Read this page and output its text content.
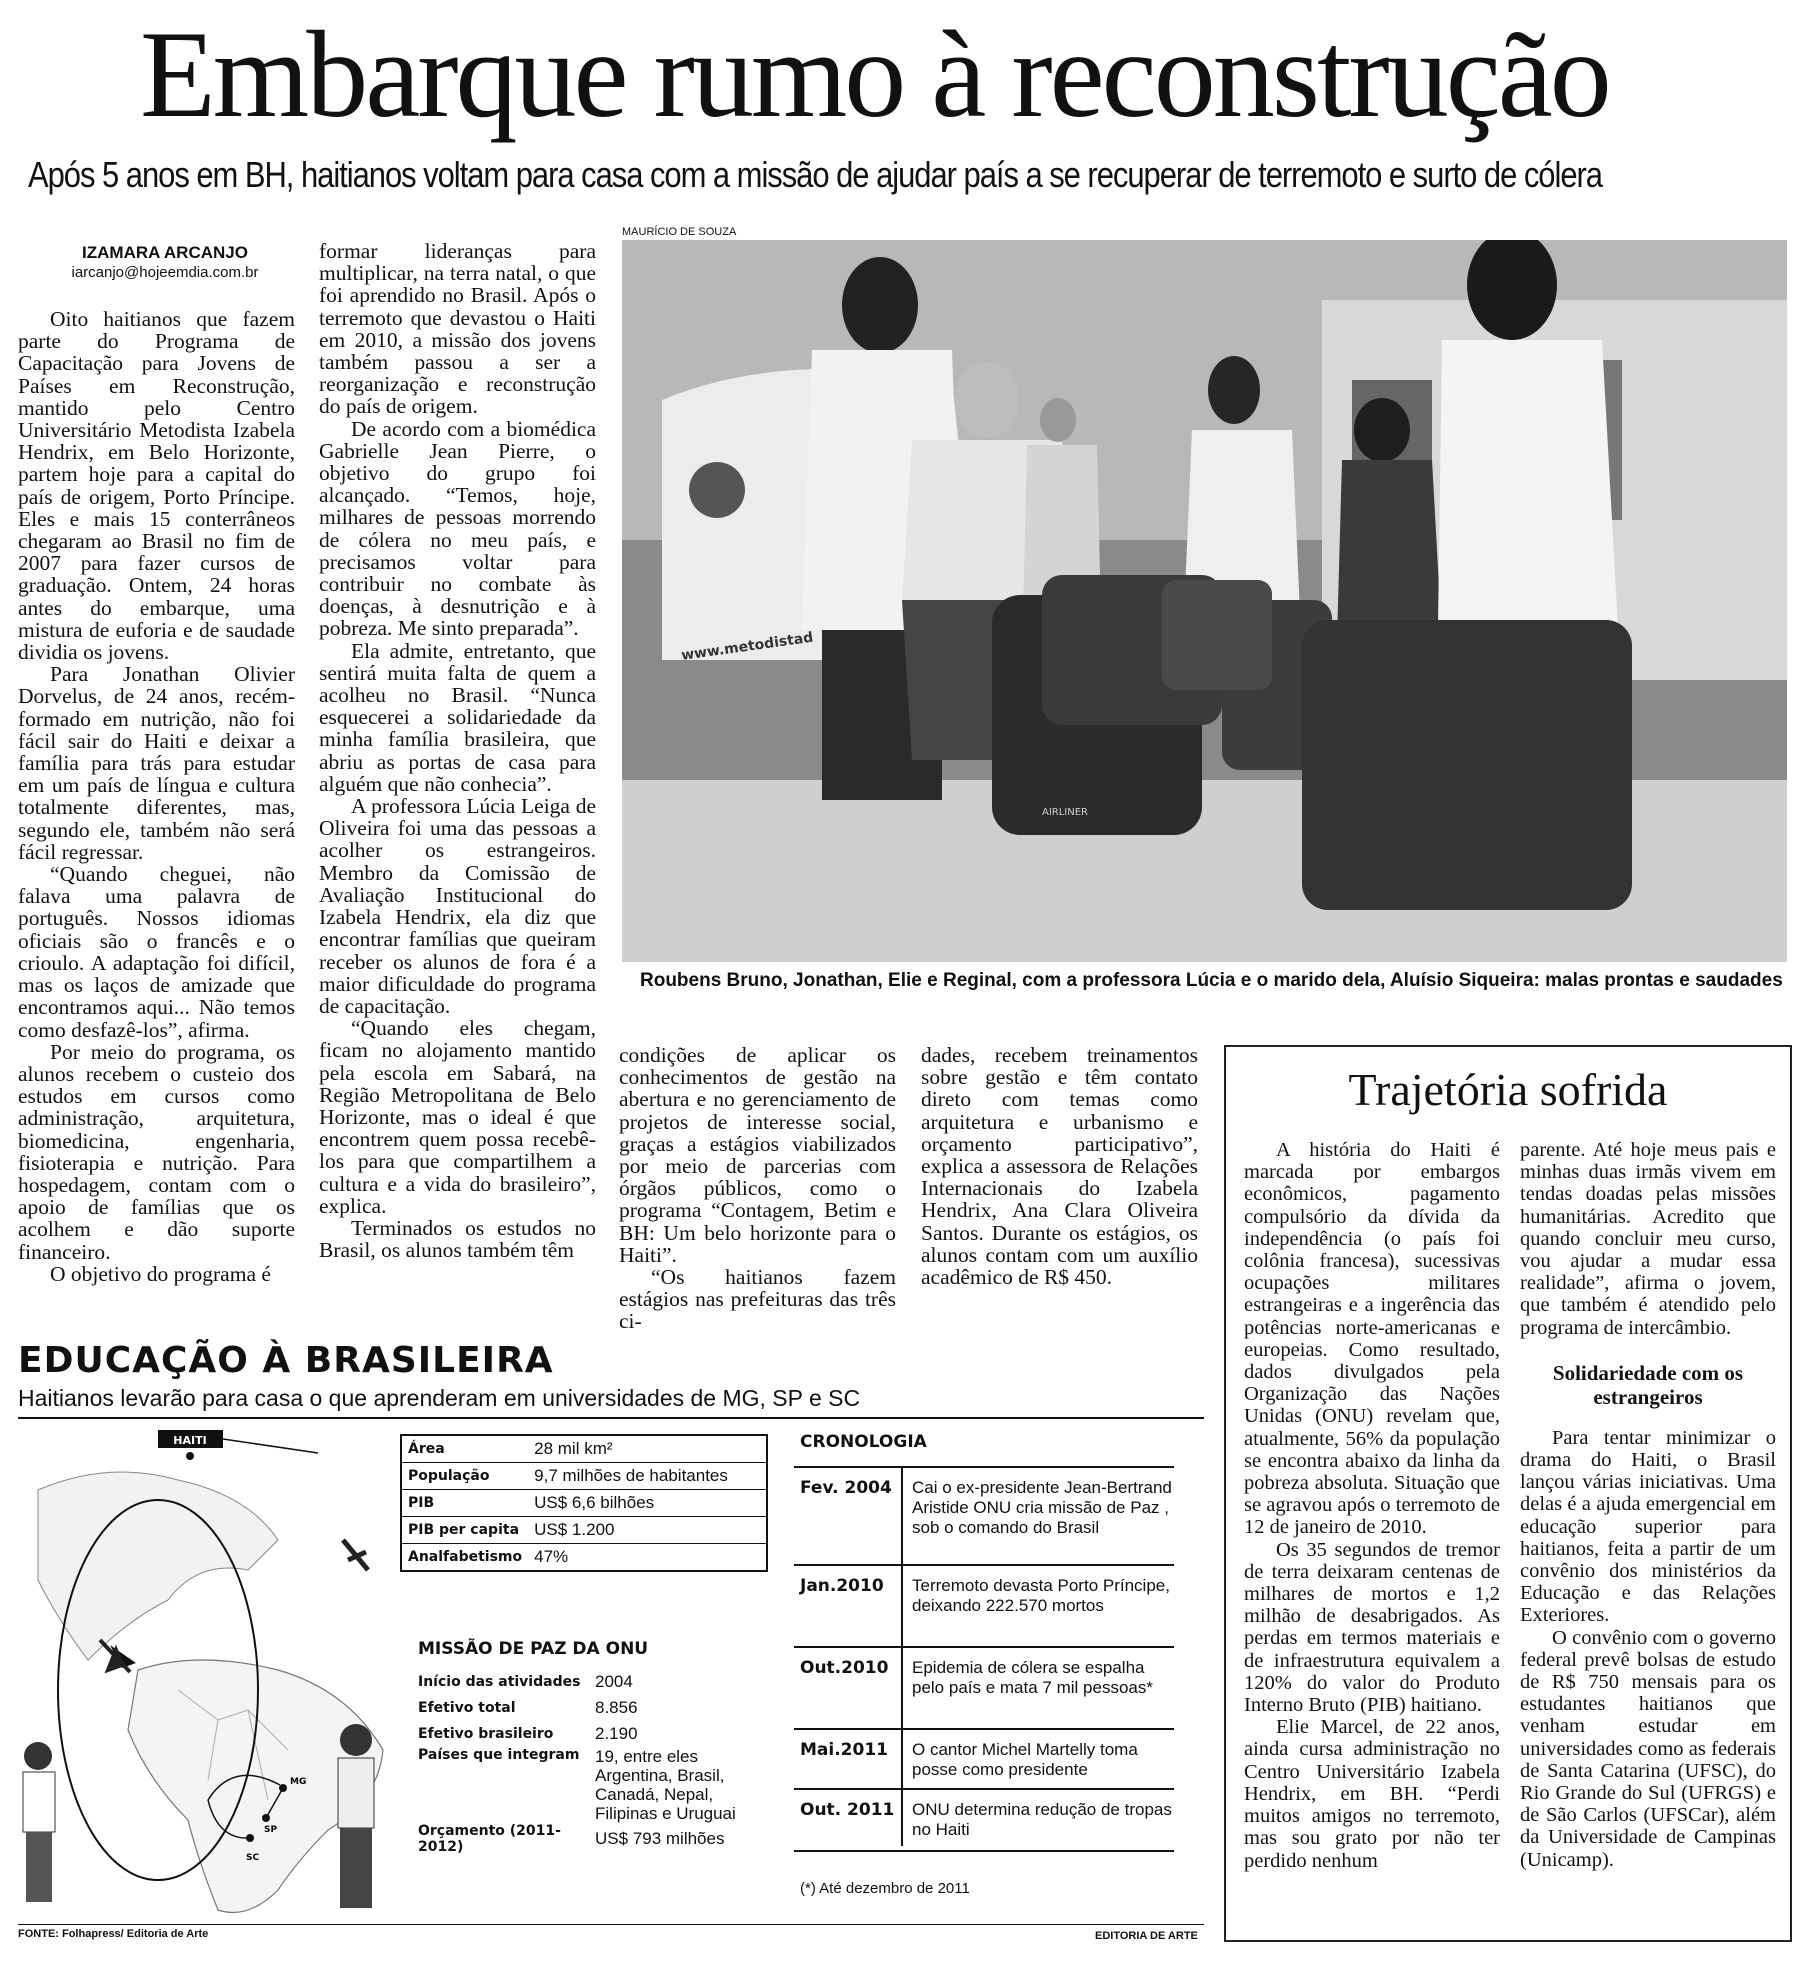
Embarque rumo à reconstrução
Após 5 anos em BH, haitianos voltam para casa com a missão de ajudar país a se recuperar de terremoto e surto de cólera
IZAMARA ARCANJO
iarcanjo@hojeemdia.com.br

Oito haitianos que fazem parte do Programa de Capacitação para Jovens de Países em Reconstrução, mantido pelo Centro Universitário Metodista Izabela Hendrix, em Belo Horizonte, partem hoje para a capital do país de origem, Porto Príncipe. Eles e mais 15 conterrâneos chegaram ao Brasil no fim de 2007 para fazer cursos de graduação. Ontem, 24 horas antes do embarque, uma mistura de euforia e de saudade dividia os jovens.

Para Jonathan Olivier Dorvelus, de 24 anos, recém-formado em nutrição, não foi fácil sair do Haiti e deixar a família para trás para estudar em um país de língua e cultura totalmente diferentes, mas, segundo ele, também não será fácil regressar.

“Quando cheguei, não falava uma palavra de português. Nossos idiomas oficiais são o francês e o crioulo. A adaptação foi difícil, mas os laços de amizade que encontramos aqui... Não temos como desfazê-los”, afirma.

Por meio do programa, os alunos recebem o custeio dos estudos em cursos como administração, arquitetura, biomedicina, engenharia, fisioterapia e nutrição. Para hospedagem, contam com o apoio de famílias que os acolhem e dão suporte financeiro.

O objetivo do programa é

formar lideranças para multiplicar, na terra natal, o que foi aprendido no Brasil. Após o terremoto que devastou o Haiti em 2010, a missão dos jovens também passou a ser a reorganização e reconstrução do país de origem.

De acordo com a biomédica Gabrielle Jean Pierre, o objetivo do grupo foi alcançado. “Temos, hoje, milhares de pessoas morrendo de cólera no meu país, e precisamos voltar para contribuir no combate às doenças, à desnutrição e à pobreza. Me sinto preparada”.

Ela admite, entretanto, que sentirá muita falta de quem a acolheu no Brasil. “Nunca esquecerei a solidariedade da minha família brasileira, que abriu as portas de casa para alguém que não conhecia”.

A professora Lúcia Leiga de Oliveira foi uma das pessoas a acolher os estrangeiros. Membro da Comissão de Avaliação Institucional do Izabela Hendrix, ela diz que encontrar famílias que queiram receber os alunos de fora é a maior dificuldade do programa de capacitação.

“Quando eles chegam, ficam no alojamento mantido pela escola em Sabará, na Região Metropolitana de Belo Horizonte, mas o ideal é que encontrem quem possa recebê-los para que compartilhem a cultura e a vida do brasileiro”, explica.

Terminados os estudos no Brasil, os alunos também têm

MAURÍCIO DE SOUZA
www.metodistad
AIRLINER
Roubens Bruno, Jonathan, Elie e Reginal, com a professora Lúcia e o marido dela, Aluísio Siqueira: malas prontas e saudades

condições de aplicar os conhecimentos de gestão na abertura e no gerenciamento de projetos de interesse social, graças a estágios viabilizados por meio de parcerias com órgãos públicos, como o programa “Contagem, Betim e BH: Um belo horizonte para o Haiti”.

“Os haitianos fazem estágios nas prefeituras das três ci-

dades, recebem treinamentos sobre gestão e têm contato direto com temas como arquitetura e urbanismo e orçamento participativo”, explica a assessora de Relações Internacionais do Izabela Hendrix, Ana Clara Oliveira Santos. Durante os estágios, os alunos contam com um auxílio acadêmico de R$ 450.

Trajetória sofrida

A história do Haiti é marcada por embargos econômicos, pagamento compulsório da dívida da independência (o país foi colônia francesa), sucessivas ocupações militares estrangeiras e a ingerência das potências norte-americanas e europeias. Como resultado, dados divulgados pela Organização das Nações Unidas (ONU) revelam que, atualmente, 56% da população se encontra abaixo da linha da pobreza absoluta. Situação que se agravou após o terremoto de 12 de janeiro de 2010.

Os 35 segundos de tremor de terra deixaram centenas de milhares de mortos e 1,2 milhão de desabrigados. As perdas em termos materiais e de infraestrutura equivalem a 120% do valor do Produto Interno Bruto (PIB) haitiano.

Elie Marcel, de 22 anos, ainda cursa administração no Centro Universitário Izabela Hendrix, em BH. “Perdi muitos amigos no terremoto, mas sou grato por não ter perdido nenhum

parente. Até hoje meus pais e minhas duas irmãs vivem em tendas doadas pelas missões humanitárias. Acredito que quando concluir meu curso, vou ajudar a mudar essa realidade”, afirma o jovem, que também é atendido pelo programa de intercâmbio.

Solidariedade com os estrangeiros

Para tentar minimizar o drama do Haiti, o Brasil lançou várias iniciativas. Uma delas é a ajuda emergencial em educação superior para haitianos, feita a partir de um convênio dos ministérios da Educação e das Relações Exteriores.

O convênio com o governo federal prevê bolsas de estudo de R$ 750 mensais para os estudantes haitianos que venham estudar em universidades como as federais de Santa Catarina (UFSC), do Rio Grande do Sul (UFRGS) e de São Carlos (UFSCar), além da Universidade de Campinas (Unicamp).

EDUCAÇÃO À BRASILEIRA
Haitianos levarão para casa o que aprenderam em universidades de MG, SP e SC
HAITI
MG
SP
SC
Área	28 mil km²
População	9,7 milhões de habitantes
PIB	US$ 6,6 bilhões
PIB per capita	US$ 1.200
Analfabetismo	47%
MISSÃO DE PAZ DA ONU
Início das atividades	2004
Efetivo total	8.856
Efetivo brasileiro	2.190
Países que integram	19, entre eles Argentina, Brasil, Canadá, Nepal, Filipinas e Uruguai
Orçamento (2011-2012)	US$ 793 milhões
CRONOLOGIA
Fev. 2004 Cai o ex-presidente Jean-Bertrand Aristide ONU cria missão de Paz , sob o comando do Brasil
Jan.2010 Terremoto devasta Porto Príncipe, deixando 222.570 mortos
Out.2010 Epidemia de cólera se espalha pelo país e mata 7 mil pessoas*
Mai.2011 O cantor Michel Martelly toma posse como presidente
Out. 2011 ONU determina redução de tropas no Haiti
(*) Até dezembro de 2011
FONTE: Folhapress/ Editoria de Arte	EDITORIA DE ARTE
